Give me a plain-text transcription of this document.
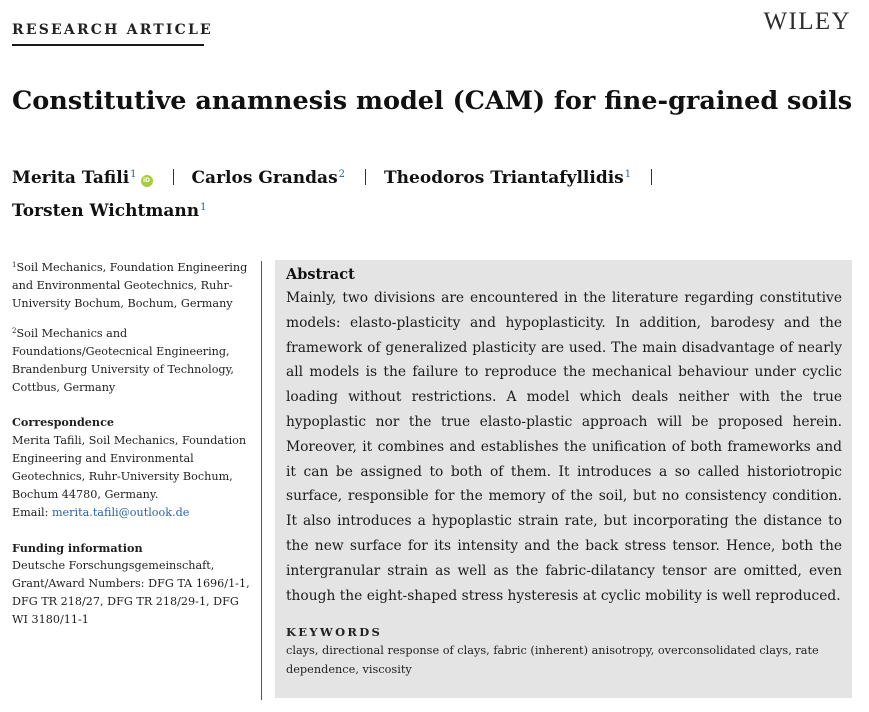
RESEARCH ARTICLE	WILEY
Constitutive anamnesis model (CAM) for fine-grained soils
Merita Tafili$^1$iD Carlos Grandas$^2$ Theodoros Triantafyllidis$^1$
Torsten Wichtmann$^1$

$^1$Soil Mechanics, Foundation Engineering and Environmental Geotechnics, Ruhr-University Bochum, Bochum, Germany

$^2$Soil Mechanics and Foundations/Geotecnical Engineering, Brandenburg University of Technology, Cottbus, Germany

Correspondence

Merita Tafili, Soil Mechanics, Foundation Engineering and Environmental Geotechnics, Ruhr-University Bochum, Bochum 44780, Germany.
Email: merita.tafili@outlook.de

Funding information

Deutsche Forschungsgemeinschaft, Grant/Award Numbers: DFG TA 1696/1-1, DFG TR 218/27, DFG TR 218/29-1, DFG WI 3180/11-1

Abstract

Mainly, two divisions are encountered in the literature regarding constitutive models: elasto-plasticity and hypoplasticity. In addition, barodesy and the framework of generalized plasticity are used. The main disadvantage of nearly all models is the failure to reproduce the mechanical behaviour under cyclic loading without restrictions. A model which deals neither with the true hypoplastic nor the true elasto-plastic approach will be proposed herein. Moreover, it combines and establishes the unification of both frameworks and it can be assigned to both of them. It introduces a so called historiotropic surface, responsible for the memory of the soil, but no consistency condition. It also introduces a hypoplastic strain rate, but incorporating the distance to the new surface for its intensity and the back stress tensor. Hence, both the intergranular strain as well as the fabric-dilatancy tensor are omitted, even though the eight-shaped stress hysteresis at cyclic mobility is well reproduced.

KEYWORDS

clays, directional response of clays, fabric (inherent) anisotropy, overconsolidated clays, rate dependence, viscosity
